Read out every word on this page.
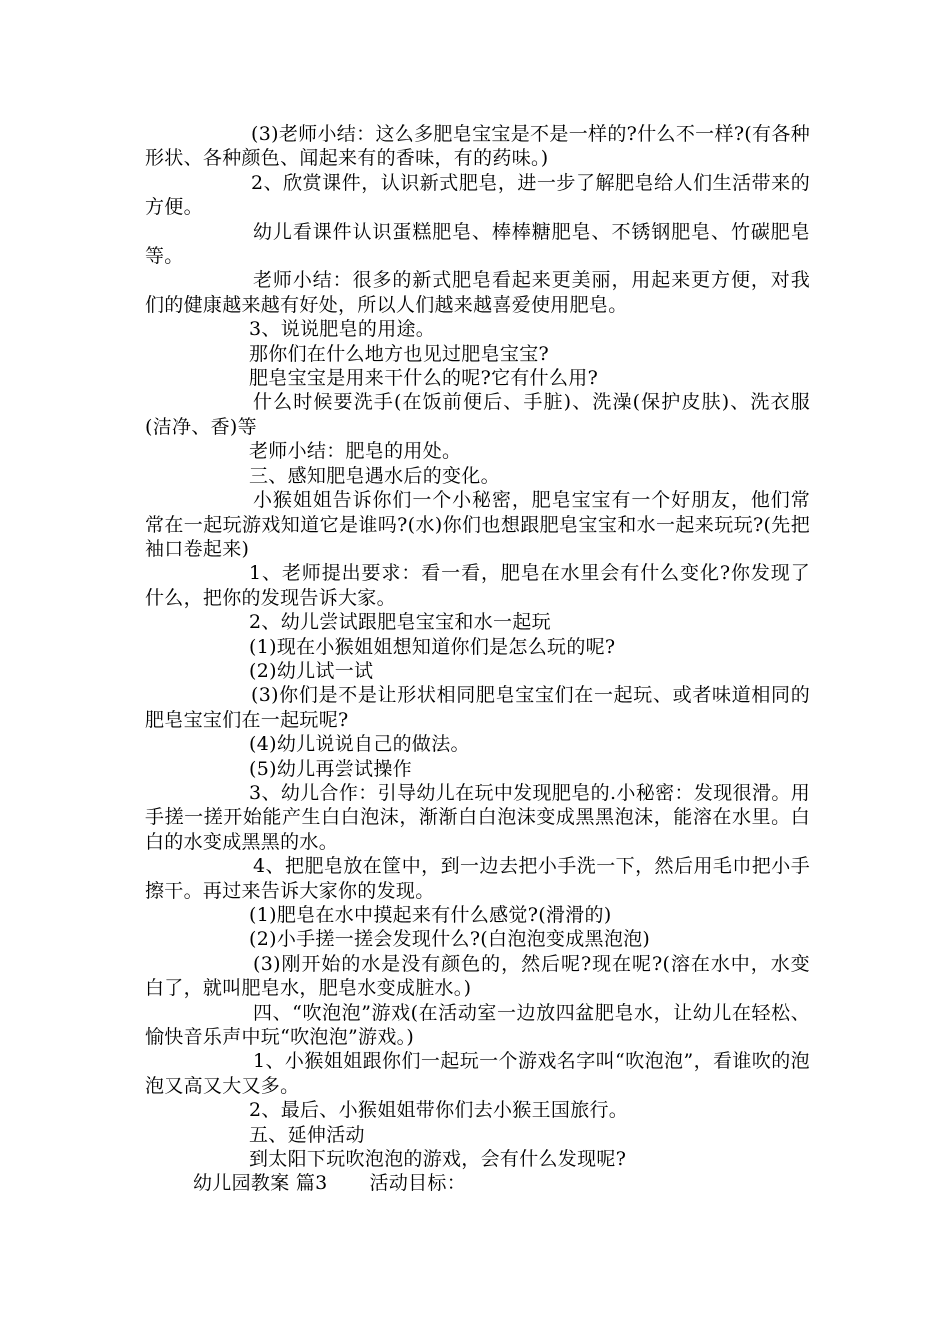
(3)老师小结：这么多肥皂宝宝是不是一样的?什么不一样?(有各种形状、各种颜色、闻起来有的香味，有的药味。)

2、欣赏课件，认识新式肥皂，进一步了解肥皂给人们生活带来的方便。

幼儿看课件认识蛋糕肥皂、棒棒糖肥皂、不锈钢肥皂、竹碳肥皂等。

老师小结：很多的新式肥皂看起来更美丽，用起来更方便，对我们的健康越来越有好处，所以人们越来越喜爱使用肥皂。

3、说说肥皂的用途。

那你们在什么地方也见过肥皂宝宝?

肥皂宝宝是用来干什么的呢?它有什么用?

什么时候要洗手(在饭前便后、手脏)、洗澡(保护皮肤)、洗衣服(洁净、香)等

老师小结：肥皂的用处。

三、感知肥皂遇水后的变化。

小猴姐姐告诉你们一个小秘密，肥皂宝宝有一个好朋友，他们常常在一起玩游戏知道它是谁吗?(水)你们也想跟肥皂宝宝和水一起来玩玩?(先把袖口卷起来)

1、老师提出要求：看一看，肥皂在水里会有什么变化?你发现了什么，把你的发现告诉大家。

2、幼儿尝试跟肥皂宝宝和水一起玩

(1)现在小猴姐姐想知道你们是怎么玩的呢?

(2)幼儿试一试

(3)你们是不是让形状相同肥皂宝宝们在一起玩、或者味道相同的肥皂宝宝们在一起玩呢?

(4)幼儿说说自己的做法。

(5)幼儿再尝试操作

3、幼儿合作：引导幼儿在玩中发现肥皂的.小秘密：发现很滑。用手搓一搓开始能产生白白泡沫，渐渐白白泡沫变成黑黑泡沫，能溶在水里。白白的水变成黑黑的水。

4、把肥皂放在筐中，到一边去把小手洗一下，然后用毛巾把小手擦干。再过来告诉大家你的发现。

(1)肥皂在水中摸起来有什么感觉?(滑滑的)

(2)小手搓一搓会发现什么?(白泡泡变成黑泡泡)

(3)刚开始的水是没有颜色的，然后呢?现在呢?(溶在水中，水变白了，就叫肥皂水，肥皂水变成脏水。)

四、“吹泡泡”游戏(在活动室一边放四盆肥皂水，让幼儿在轻松、愉快音乐声中玩“吹泡泡”游戏。)

1、小猴姐姐跟你们一起玩一个游戏名字叫“吹泡泡”，看谁吹的泡泡又高又大又多。

2、最后、小猴姐姐带你们去小猴王国旅行。

五、延伸活动

到太阳下玩吹泡泡的游戏，会有什么发现呢?

幼儿园教案 篇3 活动目标：
